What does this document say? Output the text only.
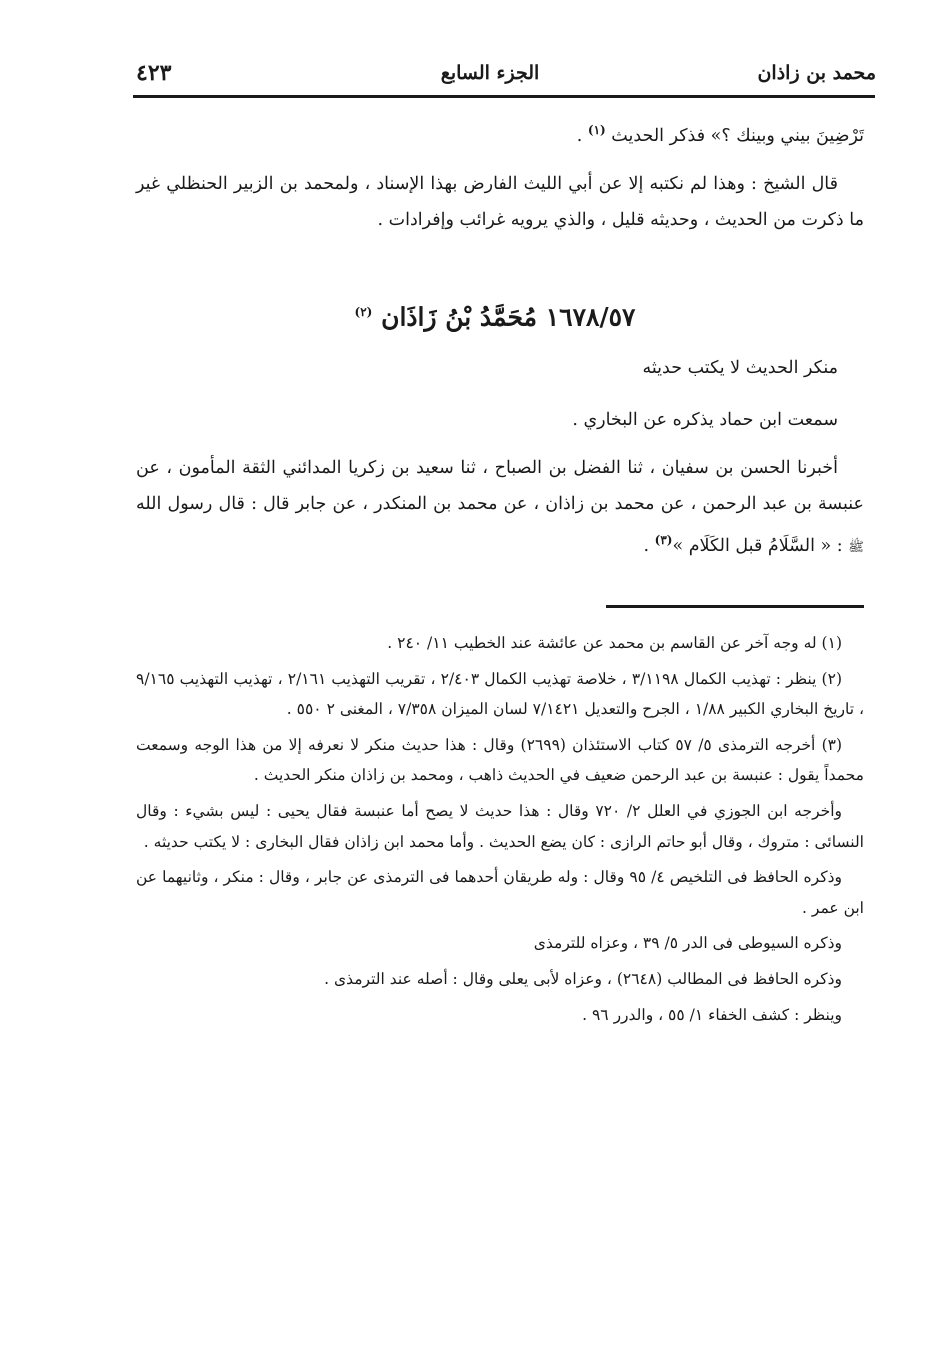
محمد بن زاذان
الجزء السابع
٤٢٣

تَرْضِينَ بيني وبينك ؟» فذكر الحديث $^{(١)}$ .

قال الشيخ : وهذا لم نكتبه إلا عن أبي الليث الفارض بهذا الإسناد ، ولمحمد بن الزبير الحنظلي غير ما ذكرت من الحديث ، وحديثه قليل ، والذي يرويه غرائب وإفرادات .

١٦٧٨/٥٧ مُحَمَّدُ بْنُ زَاذَان $^{(٢)}$

منكر الحديث لا يكتب حديثه

سمعت ابن حماد يذكره عن البخاري .

أخبرنا الحسن بن سفيان ، ثنا الفضل بن الصباح ، ثنا سعيد بن زكريا المدائني الثقة المأمون ، عن عنبسة بن عبد الرحمن ، عن محمد بن زاذان ، عن محمد بن المنكدر ، عن جابر قال : قال رسول الله ﷺ : « السَّلَامُ قبل الكَلَام »$^{(٣)}$ .

(١) له وجه آخر عن القاسم بن محمد عن عائشة عند الخطيب ١١/ ٢٤٠ .

(٢) ينظر : تهذيب الكمال ٣/١١٩٨ ، خلاصة تهذيب الكمال ٢/٤٠٣ ، تقريب التهذيب ٢/١٦١ ، تهذيب التهذيب ٩/١٦٥ ، تاريخ البخاري الكبير ١/٨٨ ، الجرح والتعديل ٧/١٤٢١ لسان الميزان ٧/٣٥٨ ، المغنى ٢ ٥٥٠ .

(٣) أخرجه الترمذى ٥/ ٥٧ كتاب الاستئذان (٢٦٩٩) وقال : هذا حديث منكر لا نعرفه إلا من هذا الوجه وسمعت محمداً يقول : عنبسة بن عبد الرحمن ضعيف في الحديث ذاهب ، ومحمد بن زاذان منكر الحديث .

وأخرجه ابن الجوزي في العلل ٢/ ٧٢٠ وقال : هذا حديث لا يصح أما عنبسة فقال يحيى : ليس بشيء : وقال النسائى : متروك ، وقال أبو حاتم الرازى : كان يضع الحديث . وأما محمد ابن زاذان فقال البخارى : لا يكتب حديثه .

وذكره الحافظ فى التلخيص ٤/ ٩٥ وقال : وله طريقان أحدهما فى الترمذى عن جابر ، وقال : منكر ، وثانيهما عن ابن عمر .

وذكره السيوطى فى الدر ٥/ ٣٩ ، وعزاه للترمذى

وذكره الحافظ فى المطالب (٢٦٤٨) ، وعزاه لأبى يعلى وقال : أصله عند الترمذى .

وينظر : كشف الخفاء ١/ ٥٥ ، والدرر ٩٦ .
